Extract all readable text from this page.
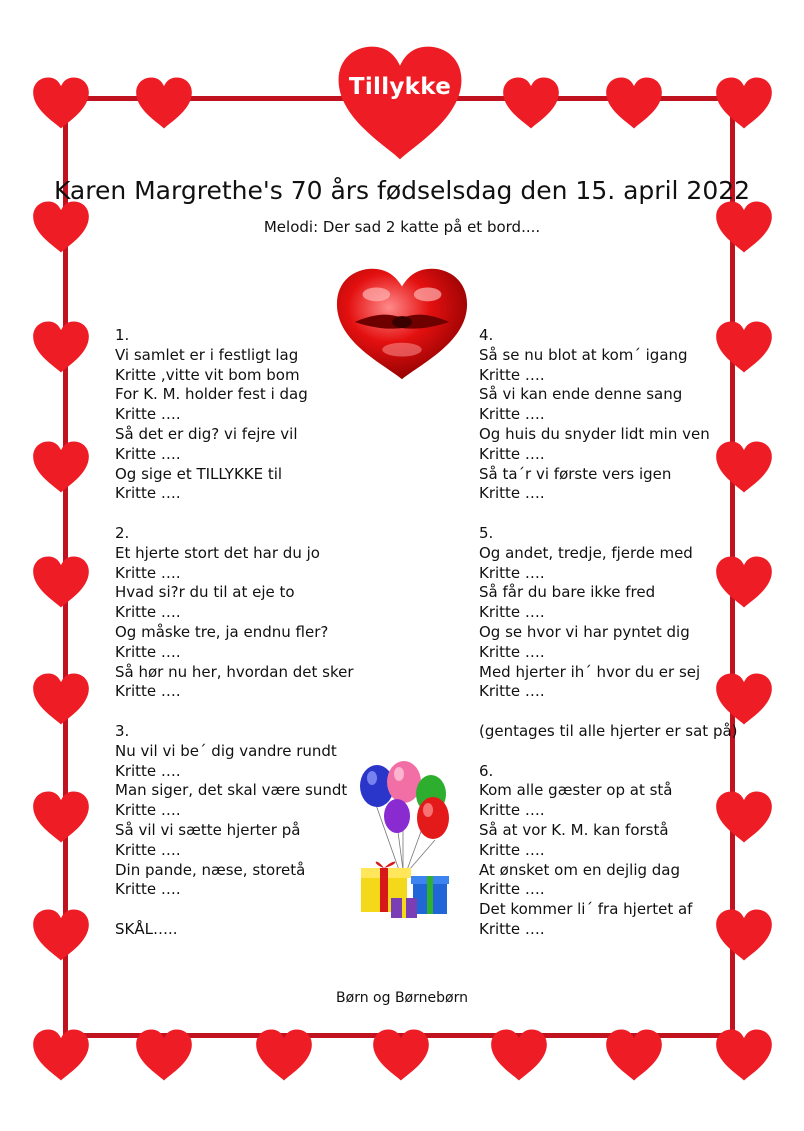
Tillykke
Karen Margrethe's 70 års fødselsdag den 15. april 2022
Melodi: Der sad 2 katte på et bord....
1.
Vi samlet er i festligt lag
Kritte ,vitte vit bom bom
For K. M. holder fest i dag
Kritte ….
Så det er dig? vi fejre vil
Kritte ….
Og sige et TILLYKKE til
Kritte ….
2.
Et hjerte stort det har du jo
Kritte ….
Hvad si?r du til at eje to
Kritte ….
Og måske tre, ja endnu fler?
Kritte ….
Så hør nu her, hvordan det sker
Kritte ….
3.
Nu vil vi be´ dig vandre rundt
Kritte ….
Man siger, det skal være sundt
Kritte ….
Så vil vi sætte hjerter på
Kritte ….
Din pande, næse, storetå
Kritte ….
SKÅL…..
4.
Så se nu blot at kom´ igang
Kritte ….
Så vi kan ende denne sang
Kritte ….
Og huis du snyder lidt min ven
Kritte ….
Så ta´r vi første vers igen
Kritte ….
5.
Og andet, tredje, fjerde med
Kritte ….
Så får du bare ikke fred
Kritte ….
Og se hvor vi har pyntet dig
Kritte ….
Med hjerter ih´ hvor du er sej
Kritte ….
(gentages til alle hjerter er sat på)
6.
Kom alle gæster op at stå
Kritte ….
Så at vor K. M. kan forstå
Kritte ….
At ønsket om en dejlig dag
Kritte ….
Det kommer li´ fra hjertet af
Kritte ….
Børn og Børnebørn
